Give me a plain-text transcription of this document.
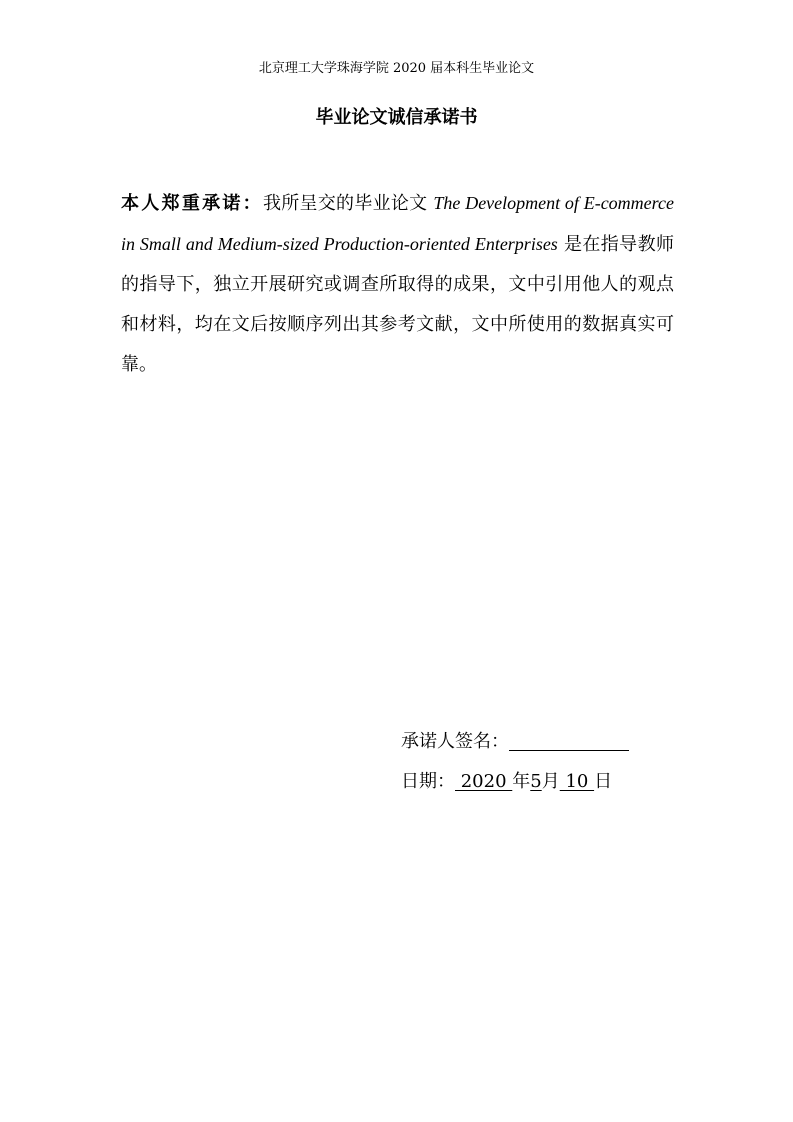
北京理工大学珠海学院 2020 届本科生毕业论文
毕业论文诚信承诺书
本人郑重承诺：我所呈交的毕业论文 The Development of E-commerce in Small and Medium-sized Production-oriented Enterprises 是在指导教师的指导下，独立开展研究或调查所取得的成果，文中引用他人的观点和材料，均在文后按顺序列出其参考文献，文中所使用的数据真实可靠。
承诺人签名：
日期： 2020 年5月 10 日
